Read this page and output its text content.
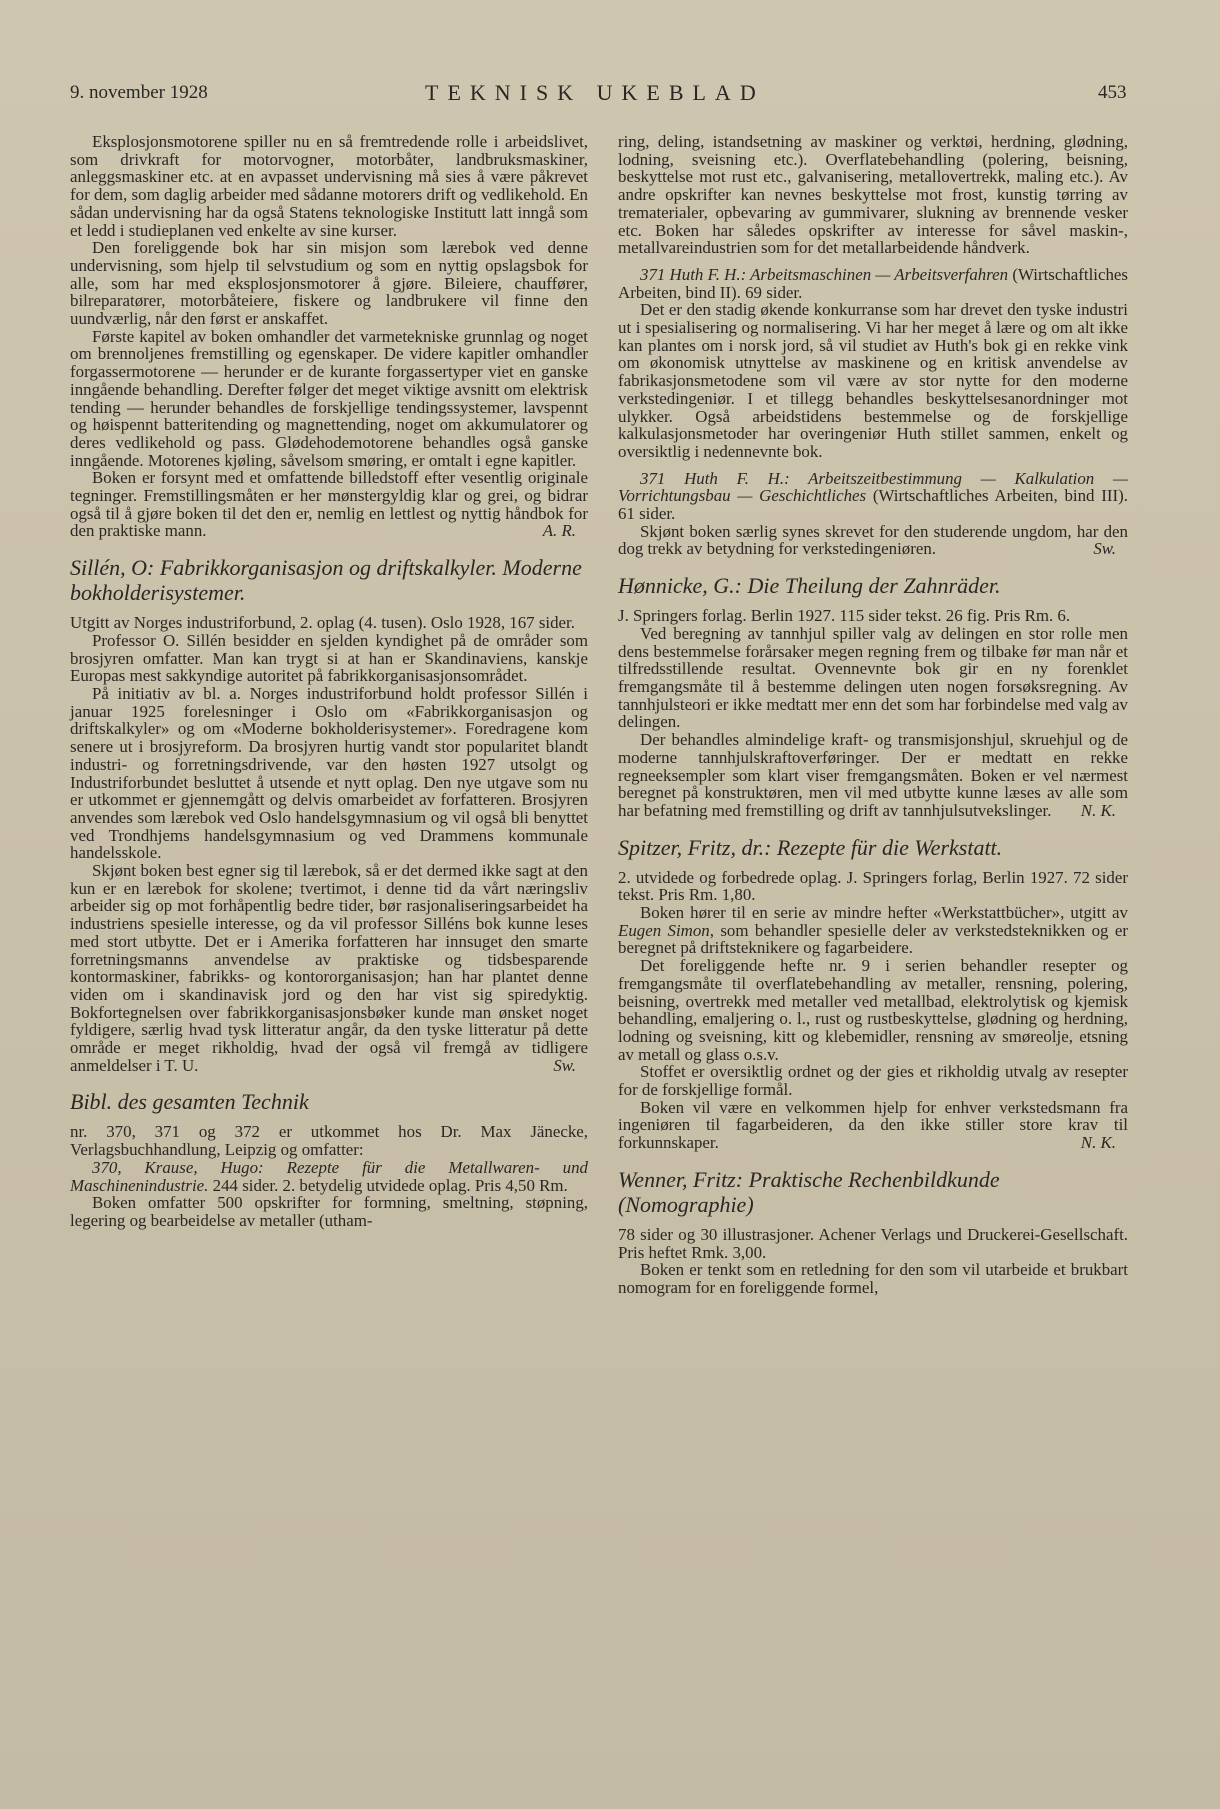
9. november 1928	TEKNISK UKEBLAD	453

Eksplosjonsmotorene spiller nu en så fremtredende rolle i arbeidslivet, som drivkraft for motorvogner, motorbåter, landbruksmaskiner, anleggsmaskiner etc. at en avpasset undervisning må sies å være påkrevet for dem, som daglig arbeider med sådanne motorers drift og vedlikehold. En sådan undervisning har da også Statens teknologiske Institutt latt inngå som et ledd i studieplanen ved enkelte av sine kurser.

Den foreliggende bok har sin misjon som lærebok ved denne undervisning, som hjelp til selvstudium og som en nyttig opslagsbok for alle, som har med eksplosjonsmotorer å gjøre. Bileiere, chauffører, bilreparatører, motorbåteiere, fiskere og landbrukere vil finne den uundværlig, når den først er anskaffet.

Første kapitel av boken omhandler det varmetekniske grunnlag og noget om brennoljenes fremstilling og egenskaper. De videre kapitler omhandler forgassermotorene — herunder er de kurante forgassertyper viet en ganske inngående behandling. Derefter følger det meget viktige avsnitt om elektrisk tending — herunder behandles de forskjellige tendingssystemer, lavspennt og høispennt batteritending og magnettending, noget om akkumulatorer og deres vedlikehold og pass. Glødehodemotorene behandles også ganske inngående. Motorenes kjøling, såvelsom smøring, er omtalt i egne kapitler.

Boken er forsynt med et omfattende billedstoff efter vesentlig originale tegninger. Fremstillingsmåten er her mønstergyldig klar og grei, og bidrar også til å gjøre boken til det den er, nemlig en lettlest og nyttig håndbok for den praktiske mann.	A. R.

Sillén, O: Fabrikkorganisasjon og driftskalkyler. Moderne bokholderisystemer.

Utgitt av Norges industriforbund, 2. oplag (4. tusen). Oslo 1928, 167 sider.

Professor O. Sillén besidder en sjelden kyndighet på de områder som brosjyren omfatter. Man kan trygt si at han er Skandinaviens, kanskje Europas mest sakkyndige autoritet på fabrikkorganisasjonsområdet.

På initiativ av bl. a. Norges industriforbund holdt professor Sillén i januar 1925 forelesninger i Oslo om «Fabrikkorganisasjon og driftskalkyler» og om «Moderne bokholderisystemer». Foredragene kom senere ut i brosjyreform. Da brosjyren hurtig vandt stor popularitet blandt industri- og forretningsdrivende, var den høsten 1927 utsolgt og Industriforbundet besluttet å utsende et nytt oplag. Den nye utgave som nu er utkommet er gjennemgått og delvis omarbeidet av forfatteren. Brosjyren anvendes som lærebok ved Oslo handelsgymnasium og vil også bli benyttet ved Trondhjems handelsgymnasium og ved Drammens kommunale handelsskole.

Skjønt boken best egner sig til lærebok, så er det dermed ikke sagt at den kun er en lærebok for skolene; tvertimot, i denne tid da vårt næringsliv arbeider sig op mot forhåpentlig bedre tider, bør rasjonaliseringsarbeidet ha industriens spesielle interesse, og da vil professor Silléns bok kunne leses med stort utbytte. Det er i Amerika forfatteren har innsuget den smarte forretningsmanns anvendelse av praktiske og tidsbesparende kontormaskiner, fabrikks- og kontororganisasjon; han har plantet denne viden om i skandinavisk jord og den har vist sig spiredyktig. Bokfortegnelsen over fabrikkorganisasjonsbøker kunde man ønsket noget fyldigere, særlig hvad tysk litteratur angår, da den tyske litteratur på dette område er meget rikholdig, hvad der også vil fremgå av tidligere anmeldelser i T. U.	Sw.

Bibl. des gesamten Technik

nr. 370, 371 og 372 er utkommet hos Dr. Max Jänecke, Verlagsbuchhandlung, Leipzig og omfatter:

370, Krause, Hugo: Rezepte für die Metallwaren- und Maschinenindustrie. 244 sider. 2. betydelig utvidede oplag. Pris 4,50 Rm.

Boken omfatter 500 opskrifter for formning, smeltning, støpning, legering og bearbeidelse av metaller (utham-

ring, deling, istandsetning av maskiner og verktøi, herdning, glødning, lodning, sveisning etc.). Overflatebehandling (polering, beisning, beskyttelse mot rust etc., galvanisering, metallovertrekk, maling etc.). Av andre opskrifter kan nevnes beskyttelse mot frost, kunstig tørring av trematerialer, opbevaring av gummivarer, slukning av brennende vesker etc. Boken har således opskrifter av interesse for såvel maskin-, metallvareindustrien som for det metallarbeidende håndverk.

371 Huth F. H.: Arbeitsmaschinen — Arbeitsverfahren (Wirtschaftliches Arbeiten, bind II). 69 sider.

Det er den stadig økende konkurranse som har drevet den tyske industri ut i spesialisering og normalisering. Vi har her meget å lære og om alt ikke kan plantes om i norsk jord, så vil studiet av Huth's bok gi en rekke vink om økonomisk utnyttelse av maskinene og en kritisk anvendelse av fabrikasjonsmetodene som vil være av stor nytte for den moderne verkstedingeniør. I et tillegg behandles beskyttelsesanordninger mot ulykker. Også arbeidstidens bestemmelse og de forskjellige kalkulasjonsmetoder har overingeniør Huth stillet sammen, enkelt og oversiktlig i nedennevnte bok.

371 Huth F. H.: Arbeitszeitbestimmung — Kalkulation — Vorrichtungsbau — Geschichtliches (Wirtschaftliches Arbeiten, bind III). 61 sider.

Skjønt boken særlig synes skrevet for den studerende ungdom, har den dog trekk av betydning for verkstedingeniøren.	Sw.

Hønnicke, G.: Die Theilung der Zahnräder.

J. Springers forlag. Berlin 1927. 115 sider tekst. 26 fig. Pris Rm. 6.

Ved beregning av tannhjul spiller valg av delingen en stor rolle men dens bestemmelse forårsaker megen regning frem og tilbake før man når et tilfredsstillende resultat. Ovennevnte bok gir en ny forenklet fremgangsmåte til å bestemme delingen uten nogen forsøksregning. Av tannhjulsteori er ikke medtatt mer enn det som har forbindelse med valg av delingen.

Der behandles almindelige kraft- og transmisjonshjul, skruehjul og de moderne tannhjulskraftoverføringer. Der er medtatt en rekke regneeksempler som klart viser fremgangsmåten. Boken er vel nærmest beregnet på konstruktøren, men vil med utbytte kunne læses av alle som har befatning med fremstilling og drift av tannhjulsutvekslinger.	N. K.

Spitzer, Fritz, dr.: Rezepte für die Werkstatt.

2. utvidede og forbedrede oplag. J. Springers forlag, Berlin 1927. 72 sider tekst. Pris Rm. 1,80.

Boken hører til en serie av mindre hefter «Werkstattbücher», utgitt av Eugen Simon, som behandler spesielle deler av verkstedsteknikken og er beregnet på driftsteknikere og fagarbeidere.

Det foreliggende hefte nr. 9 i serien behandler resepter og fremgangsmåte til overflatebehandling av metaller, rensning, polering, beisning, overtrekk med metaller ved metallbad, elektrolytisk og kjemisk behandling, emaljering o. l., rust og rustbeskyttelse, glødning og herdning, lodning og sveisning, kitt og klebemidler, rensning av smøreolje, etsning av metall og glass o.s.v.

Stoffet er oversiktlig ordnet og der gies et rikholdig utvalg av resepter for de forskjellige formål.

Boken vil være en velkommen hjelp for enhver verkstedsmann fra ingeniøren til fagarbeideren, da den ikke stiller store krav til forkunnskaper.	N. K.

Wenner, Fritz: Praktische Rechenbildkunde (Nomographie)

78 sider og 30 illustrasjoner. Achener Verlags und Druckerei-Gesellschaft. Pris heftet Rmk. 3,00.

Boken er tenkt som en retledning for den som vil utarbeide et brukbart nomogram for en foreliggende formel,
